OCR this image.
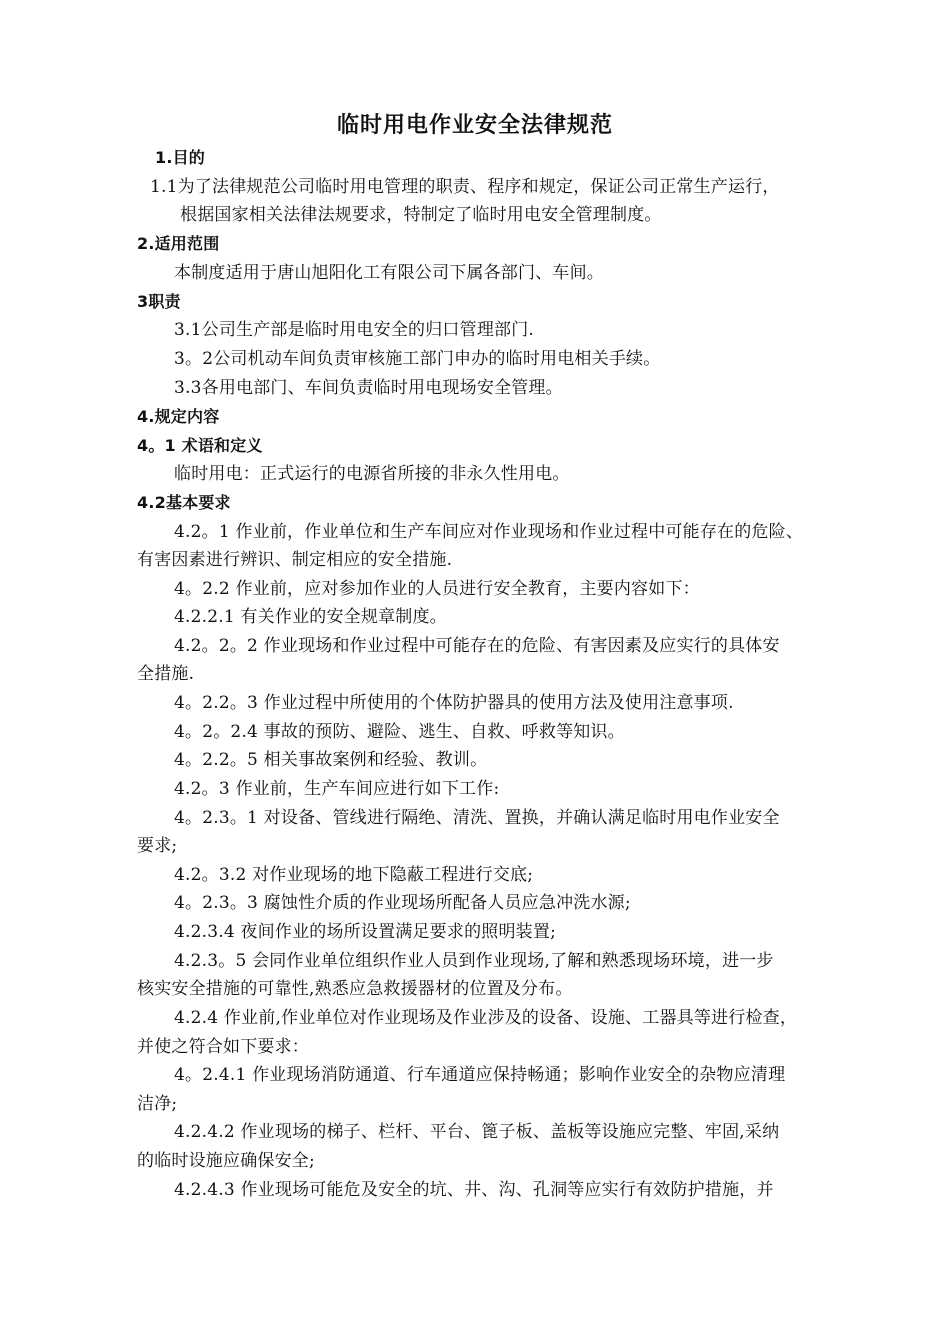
临时用电作业安全法律规范
1.目的
1.1为了法律规范公司临时用电管理的职责、程序和规定，保证公司正常生产运行，
根据国家相关法律法规要求，特制定了临时用电安全管理制度。
2.适用范围
本制度适用于唐山旭阳化工有限公司下属各部门、车间。
3职责
3.1公司生产部是临时用电安全的归口管理部门.
3。2公司机动车间负责审核施工部门申办的临时用电相关手续。
3.3各用电部门、车间负责临时用电现场安全管理。
4.规定内容
4。1 术语和定义
临时用电：正式运行的电源省所接的非永久性用电。
4.2基本要求
4.2。1 作业前，作业单位和生产车间应对作业现场和作业过程中可能存在的危险、
有害因素进行辨识、制定相应的安全措施.
4。2.2 作业前，应对参加作业的人员进行安全教育，主要内容如下：
4.2.2.1 有关作业的安全规章制度。
4.2。2。2 作业现场和作业过程中可能存在的危险、有害因素及应实行的具体安
全措施.
4。2.2。3 作业过程中所使用的个体防护器具的使用方法及使用注意事项.
4。2。2.4 事故的预防、避险、逃生、自救、呼救等知识。
4。2.2。5 相关事故案例和经验、教训。
4.2。3 作业前，生产车间应进行如下工作:
4。2.3。1 对设备、管线进行隔绝、清洗、置换，并确认满足临时用电作业安全
要求;
4.2。3.2 对作业现场的地下隐蔽工程进行交底;
4。2.3。3 腐蚀性介质的作业现场所配备人员应急冲洗水源;
4.2.3.4 夜间作业的场所设置满足要求的照明装置;
4.2.3。5 会同作业单位组织作业人员到作业现场,了解和熟悉现场环境，进一步
核实安全措施的可靠性,熟悉应急救援器材的位置及分布。
4.2.4 作业前,作业单位对作业现场及作业涉及的设备、设施、工器具等进行检查，
并使之符合如下要求：
4。2.4.1 作业现场消防通道、行车通道应保持畅通；影响作业安全的杂物应清理
洁净;
4.2.4.2 作业现场的梯子、栏杆、平台、篦子板、盖板等设施应完整、牢固,采纳
的临时设施应确保安全;
4.2.4.3 作业现场可能危及安全的坑、井、沟、孔洞等应实行有效防护措施，并
